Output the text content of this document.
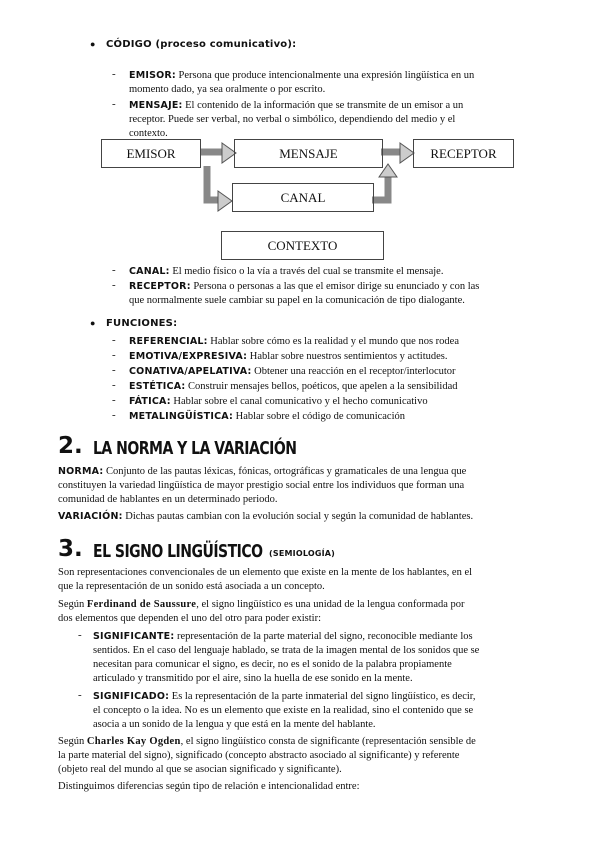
● CÓDIGO (proceso comunicativo):
- EMISOR: Persona que produce intencionalmente una expresión lingüística en un
momento dado, ya sea oralmente o por escrito.
- MENSAJE: El contenido de la información que se transmite de un emisor a un
receptor. Puede ser verbal, no verbal o simbólico, dependiendo del medio y el
contexto.
EMISOR	MENSAJE	RECEPTOR
CANAL
CONTEXTO
- CANAL: El medio físico o la vía a través del cual se transmite el mensaje.
- RECEPTOR: Persona o personas a las que el emisor dirige su enunciado y con las
que normalmente suele cambiar su papel en la comunicación de tipo dialogante.
● FUNCIONES:
- REFERENCIAL: Hablar sobre cómo es la realidad y el mundo que nos rodea
- EMOTIVA/EXPRESIVA: Hablar sobre nuestros sentimientos y actitudes.
- CONATIVA/APELATIVA: Obtener una reacción en el receptor/interlocutor
- ESTÉTICA: Construir mensajes bellos, poéticos, que apelen a la sensibilidad
- FÁTICA: Hablar sobre el canal comunicativo y el hecho comunicativo
- METALINGÜÍSTICA: Hablar sobre el código de comunicación
2. LA NORMA Y LA VARIACIÓN
NORMA: Conjunto de las pautas léxicas, fónicas, ortográficas y gramaticales de una lengua que
constituyen la variedad lingüística de mayor prestigio social entre los individuos que forman una
comunidad de hablantes en un determinado periodo.
VARIACIÓN: Dichas pautas cambian con la evolución social y según la comunidad de hablantes.
3. EL SIGNO LINGÜÍSTICO (SEMIOLOGÍA)
Son representaciones convencionales de un elemento que existe en la mente de los hablantes, en el
que la representación de un sonido está asociada a un concepto.
Según Ferdinand de Saussure, el signo lingüístico es una unidad de la lengua conformada por
dos elementos que dependen el uno del otro para poder existir:
- SIGNIFICANTE: representación de la parte material del signo, reconocible mediante los
sentidos. En el caso del lenguaje hablado, se trata de la imagen mental de los sonidos que se
necesitan para comunicar el signo, es decir, no es el sonido de la palabra propiamente
articulado y transmitido por el aire, sino la huella de ese sonido en la mente.
- SIGNIFICADO: Es la representación de la parte inmaterial del signo lingüístico, es decir,
el concepto o la idea. No es un elemento que existe en la realidad, sino el contenido que se
asocia a un sonido de la lengua y que está en la mente del hablante.
Según Charles Kay Ogden, el signo lingüístico consta de significante (representación sensible de
la parte material del signo), significado (concepto abstracto asociado al significante) y referente
(objeto real del mundo al que se asocian significado y significante).
Distinguimos diferencias según tipo de relación e intencionalidad entre:
